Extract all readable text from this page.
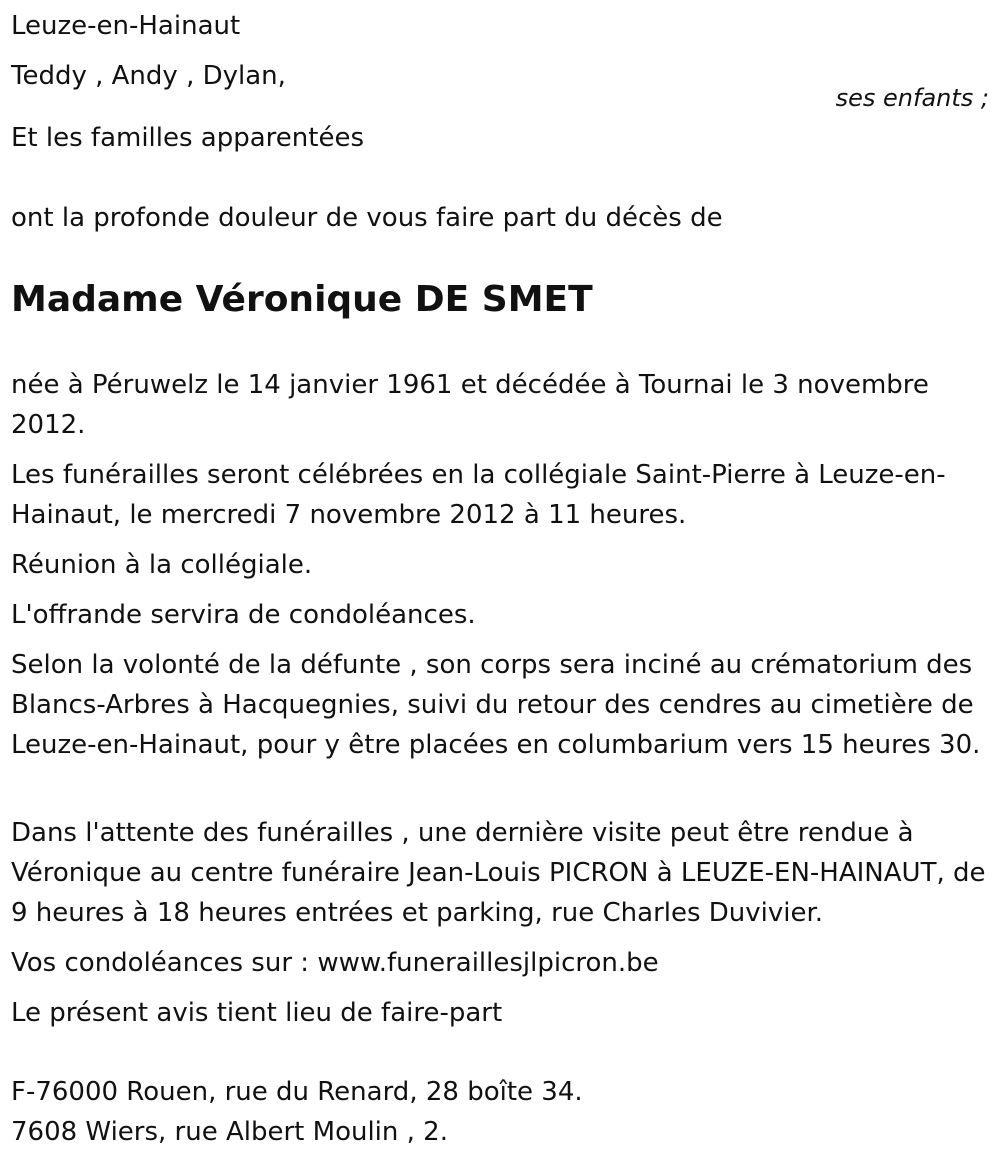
Leuze-en-Hainaut
Teddy , Andy , Dylan,
ses enfants ;
Et les familles apparentées
ont la profonde douleur de vous faire part du décès de
Madame Véronique DE SMET

née à Péruwelz le 14 janvier 1961 et décédée à Tournai le 3 novembre 2012.

Les funérailles seront célébrées en la collégiale Saint-Pierre à Leuze-en-Hainaut, le mercredi 7 novembre 2012 à 11 heures.

Réunion à la collégiale.

L'offrande servira de condoléances.

Selon la volonté de la défunte , son corps sera inciné au crématorium des Blancs-Arbres à Hacquegnies, suivi du retour des cendres au cimetière de Leuze-en-Hainaut, pour y être placées en columbarium vers 15 heures 30.

Dans l'attente des funérailles , une dernière visite peut être rendue à Véronique au centre funéraire Jean-Louis PICRON à LEUZE-EN-HAINAUT, de 9 heures à 18 heures entrées et parking, rue Charles Duvivier.

Vos condoléances sur : www.funeraillesjlpicron.be

Le présent avis tient lieu de faire-part

F-76000 Rouen, rue du Renard, 28 boîte 34.
7608 Wiers, rue Albert Moulin , 2.
